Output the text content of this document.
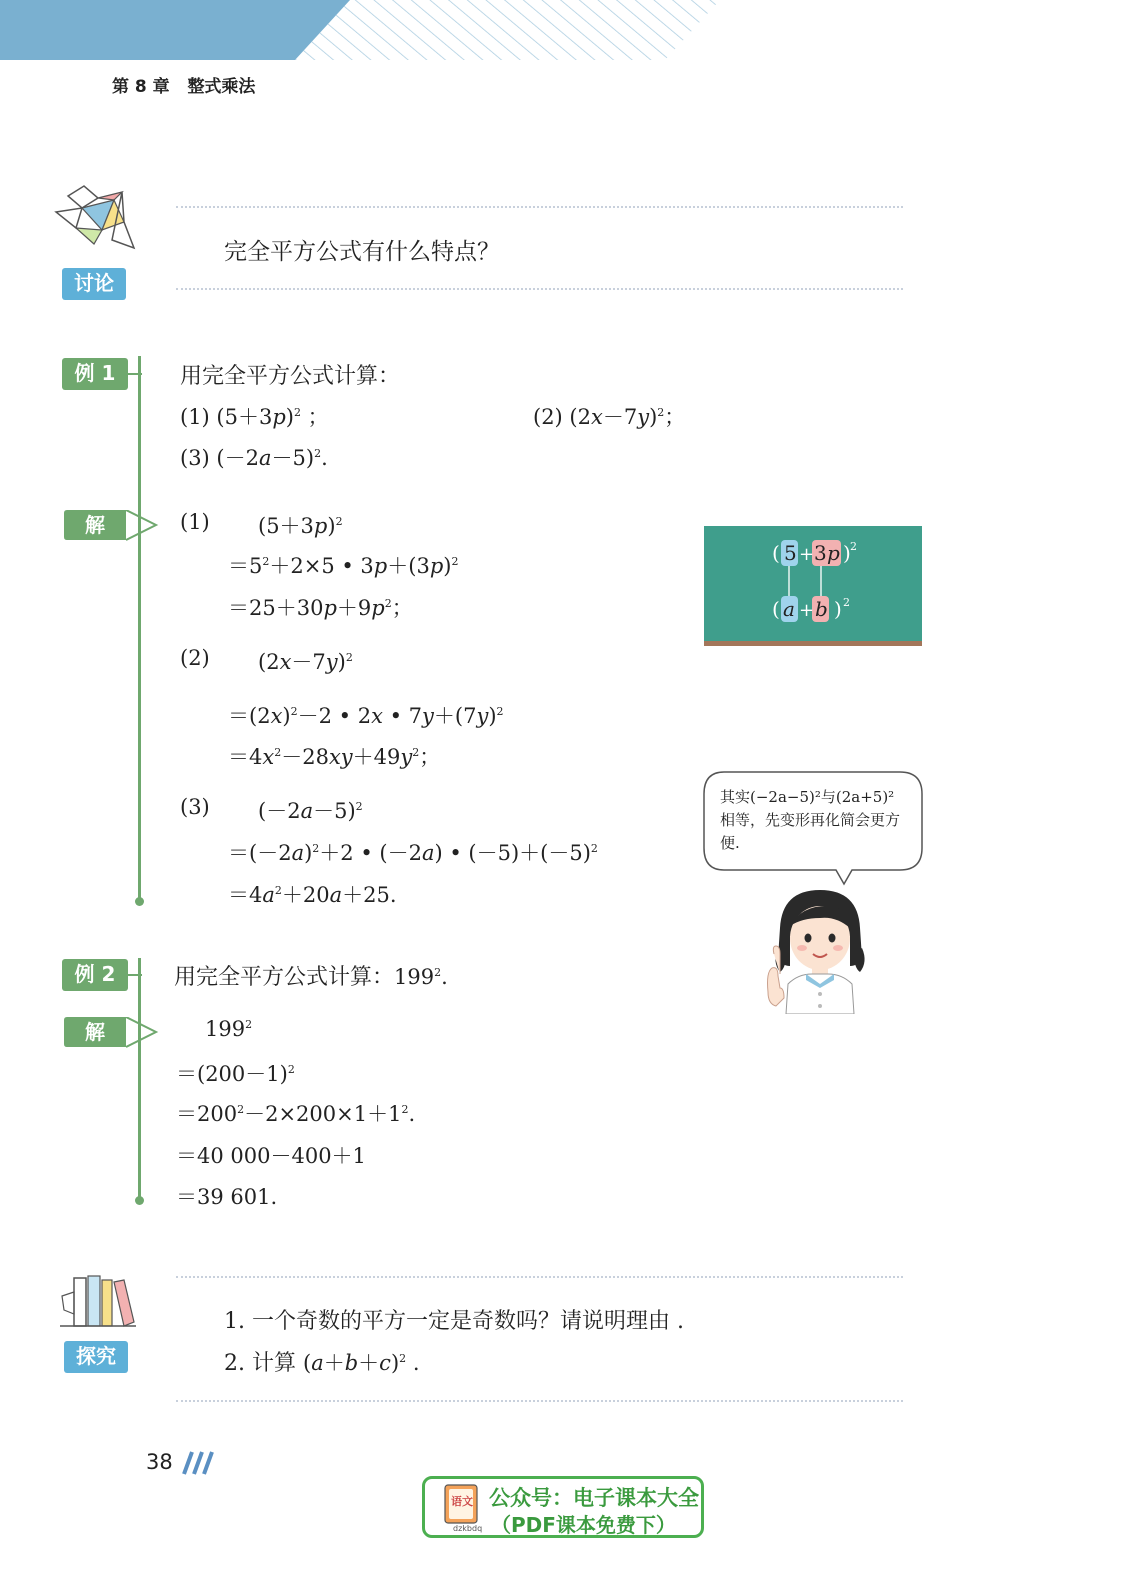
第 8 章 整式乘法
讨论
完全平方公式有什么特点？
例 1	用完全平方公式计算：
(1) $(5+3p)^2$ ；	(2) $(2x-7y)^2$；
(3) $(-2a-5)^2$.
解	(1) $(5+3p)^2$
$=5^2+2\times 5$ • $3p+(3p)^2$
$=25+30p+9p^2$；
(2) $(2x-7y)^2$
$=(2x)^2-2$ • 2x • $7y+(7y)^2$
$=4x^2-28xy+49y^2$；
(3) $(-2a-5)^2$
$=(-2a)^2+2$ • (－2a) • $(-5)+(-5)^2$
$=4a^2+20a+25$.
( 5 + 3 p ) 2
( a + b ) 2
其实(−2a−5)²与(2a+5)²相等，先变形再化简会更方便.
例 2	用完全平方公式计算：$199^2$.
解	$199^2$
$=(200-1)^2$
$=200^2-2\times 200\times 1+1^2$.
＝40 000－400＋1
＝39 601.
探究
1. 一个奇数的平方一定是奇数吗？请说明理由 .
2. 计算 $(a+b+c)^2$ .
38
语文
dzkbdq
公众号：电子课本大全
（PDF课本免费下）
